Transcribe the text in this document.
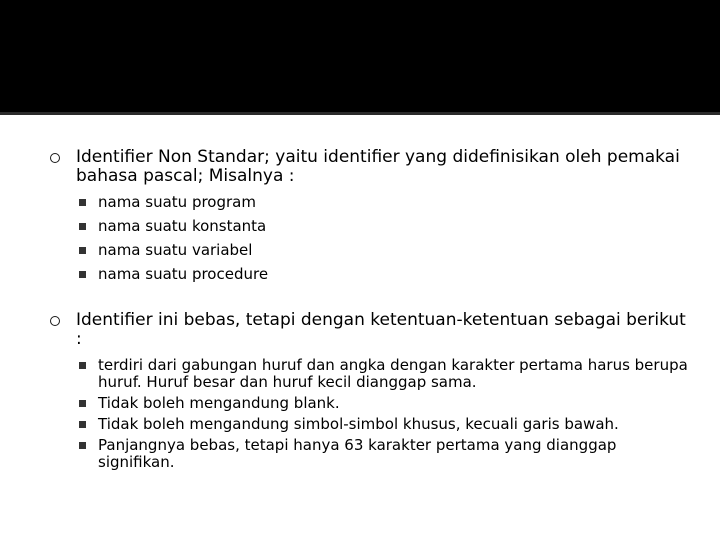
Identifier Non Standar; yaitu identifier yang didefinisikan oleh pemakai bahasa pascal; Misalnya :
nama suatu program
nama suatu konstanta
nama suatu variabel
nama suatu procedure
Identifier ini bebas, tetapi dengan ketentuan-ketentuan sebagai berikut :
terdiri dari gabungan huruf dan angka dengan karakter pertama harus berupa huruf. Huruf besar dan huruf kecil dianggap sama.
Tidak boleh mengandung blank.
Tidak boleh mengandung simbol-simbol khusus, kecuali garis bawah.
Panjangnya bebas, tetapi hanya 63 karakter pertama yang dianggap signifikan.
